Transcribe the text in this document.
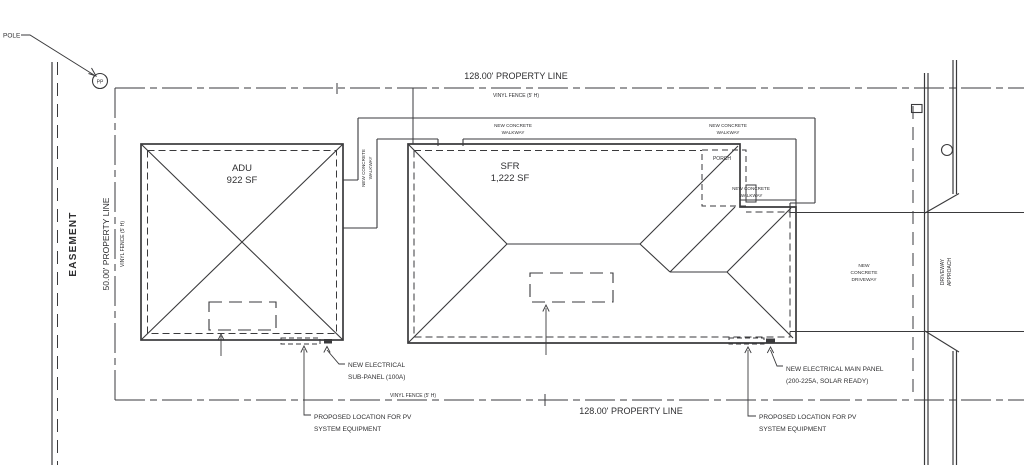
PP
POLE
ADU
922 SF
SFR
1,222 SF
PORCH
NEW CONCRETE WALKWAY
NEW CONCRETE
WALKWAY
NEW CONCRETE
WALKWAY
NEW CONCRETE
WALKWAY
NEW
CONCRETE
DRIVEWAY	DRIVEWAY APPROACH
128.00' PROPERTY LINE
VINYL FENCE (5' H)
128.00' PROPERTY LINE
VINYL FENCE (5' H)
50.00' PROPERTY LINE VINYL FENCE (5' H)
EASEMENT
NEW ELECTRICAL
SUB-PANEL (100A)
NEW ELECTRICAL MAIN PANEL
(200-225A, SOLAR READY)
PROPOSED LOCATION FOR PV
SYSTEM EQUIPMENT
PROPOSED LOCATION FOR PV
SYSTEM EQUIPMENT
